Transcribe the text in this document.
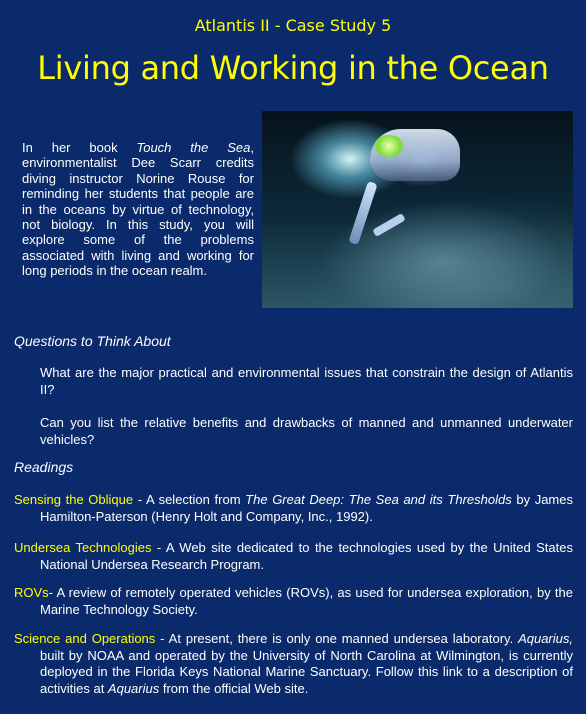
Atlantis II - Case Study 5
Living and Working in the Ocean
In her book Touch the Sea, environmentalist Dee Scarr credits diving instructor Norine Rouse for reminding her students that people are in the oceans by virtue of technology, not biology. In this study, you will explore some of the problems associated with living and working for long periods in the ocean realm.
Questions to Think About
What are the major practical and environmental issues that constrain the design of Atlantis II?
Can you list the relative benefits and drawbacks of manned and unmanned underwater vehicles?
Readings
Sensing the Oblique - A selection from The Great Deep: The Sea and its Thresholds by James Hamilton-Paterson (Henry Holt and Company, Inc., 1992).
Undersea Technologies - A Web site dedicated to the technologies used by the United States National Undersea Research Program.
ROVs- A review of remotely operated vehicles (ROVs), as used for undersea exploration, by the Marine Technology Society.
Science and Operations - At present, there is only one manned undersea laboratory. Aquarius, built by NOAA and operated by the University of North Carolina at Wilmington, is currently deployed in the Florida Keys National Marine Sanctuary. Follow this link to a description of activities at Aquarius from the official Web site.
